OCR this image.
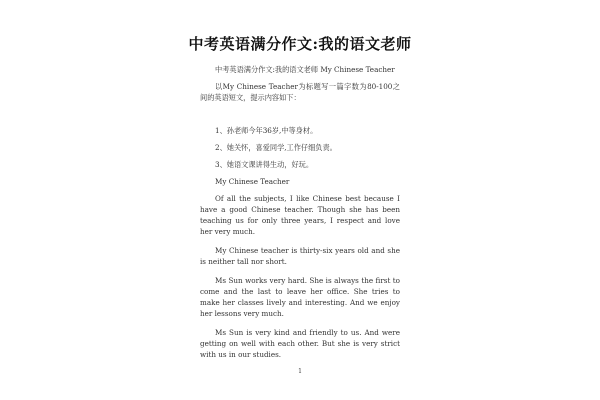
中考英语满分作文:我的语文老师

中考英语满分作文:我的语文老师 My Chinese Teacher

以My Chinese Teacher为标题写一篇字数为80-100之间的英语短文，提示内容如下：

1、孙老师今年36岁,中等身材。

2、她关怀，喜爱同学,工作仔细负责。

3、她语文课讲得生动，好玩。

My Chinese Teacher

Of all the subjects, I like Chinese best because I have a good Chinese teacher. Though she has been teaching us for only three years, I respect and love her very much.

My Chinese teacher is thirty-six years old and she is neither tall nor short.

Ms Sun works very hard. She is always the first to come and the last to leave her office. She tries to make her classes lively and interesting. And we enjoy her lessons very much.

Ms Sun is very kind and friendly to us. And were getting on well with each other. But she is very strict with us in our studies.

1
